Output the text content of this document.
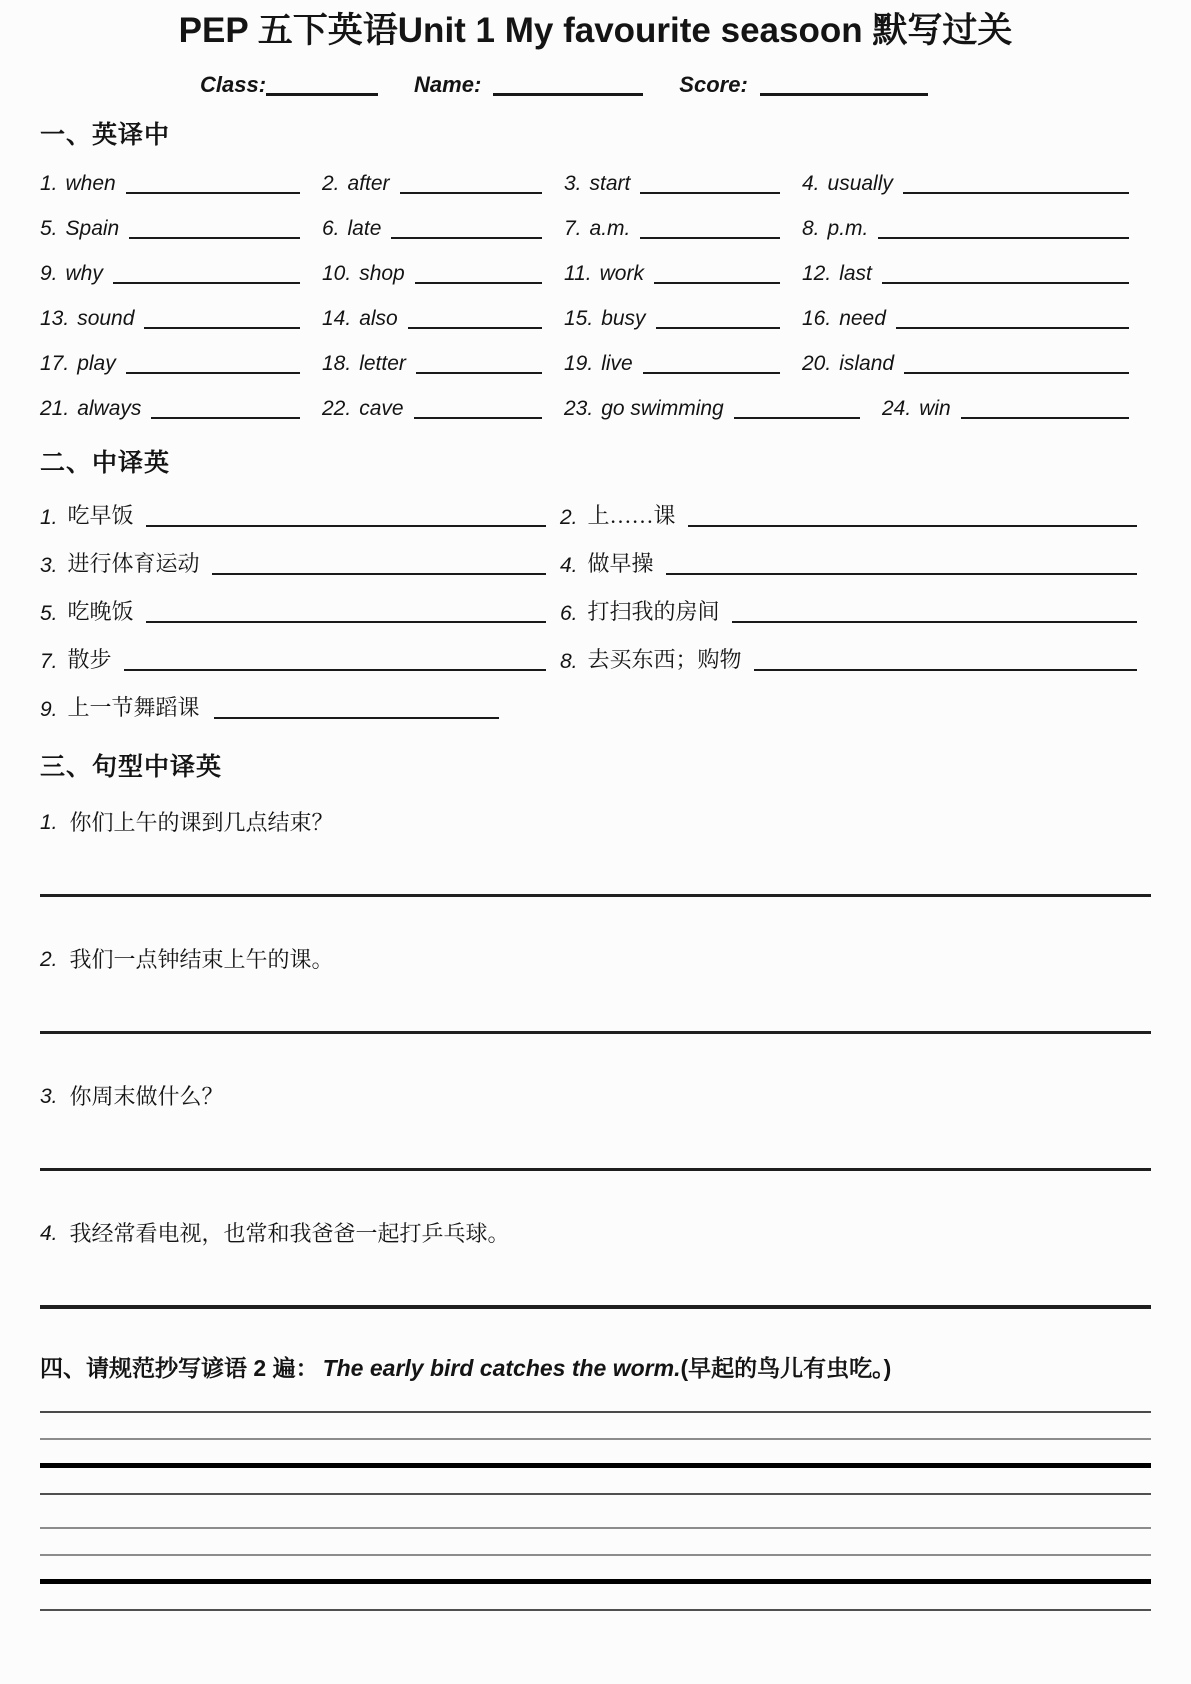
PEP 五下英语Unit 1 My favourite seasoon 默写过关
Class:	Name:	Score:
一、英译中
1. when	2. after	3. start	4. usually
5. Spain	6. late	7. a.m.	8. p.m.
9. why	10. shop	11. work	12. last
13. sound	14. also	15. busy	16. need
17. play	18. letter	19. live	20. island
21. always	22. cave	23. go swimming	24. win
二、中译英
1. 吃早饭	2. 上……课
3. 进行体育运动	4. 做早操
5. 吃晚饭	6. 打扫我的房间
7. 散步	8. 去买东西；购物
9. 上一节舞蹈课
三、句型中译英
1. 你们上午的课到几点结束？
2. 我们一点钟结束上午的课。
3. 你周末做什么？
4. 我经常看电视，也常和我爸爸一起打乒乓球。
四、请规范抄写谚语 2 遍： The early bird catches the worm.(早起的鸟儿有虫吃。)
